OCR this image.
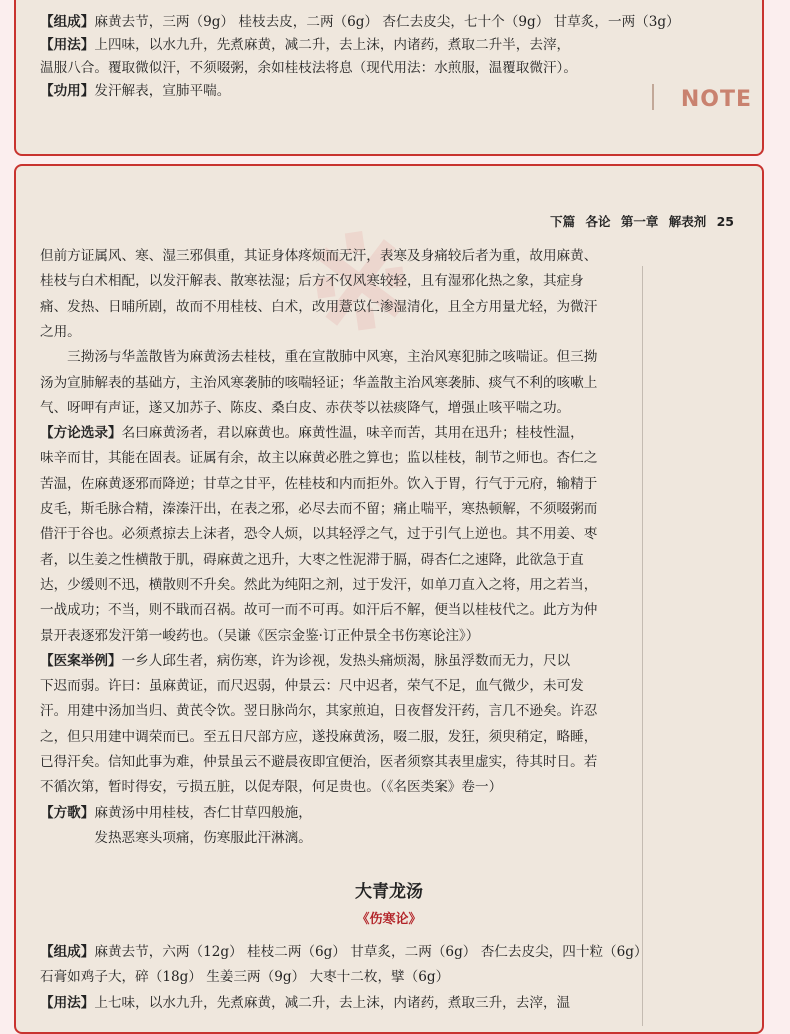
【组成】麻黄去节，三两（9g） 桂枝去皮，二两（6g） 杏仁去皮尖，七十个（9g） 甘草炙，一两（3g）
【用法】上四味，以水九升，先煮麻黄，减二升，去上沫，内诸药，煮取二升半，去滓，
温服八合。覆取微似汗，不须啜粥，余如桂枝法将息（现代用法：水煎服，温覆取微汗）。
【功用】发汗解表，宣肺平喘。	NOTE
※	下篇 各论 第一章 解表剂 25
但前方证属风、寒、湿三邪俱重，其证身体疼烦而无汗，表寒及身痛较后者为重，故用麻黄、
桂枝与白术相配，以发汗解表、散寒祛湿；后方不仅风寒较轻，且有湿邪化热之象，其症身
痛、发热、日晡所剧，故而不用桂枝、白术，改用薏苡仁渗湿清化，且全方用量尤轻，为微汗
之用。
　　三拗汤与华盖散皆为麻黄汤去桂枝，重在宣散肺中风寒，主治风寒犯肺之咳喘证。但三拗
汤为宣肺解表的基础方，主治风寒袭肺的咳喘轻证；华盖散主治风寒袭肺、痰气不利的咳嗽上
气、呀呷有声证，遂又加苏子、陈皮、桑白皮、赤茯苓以祛痰降气，增强止咳平喘之功。
【方论选录】名曰麻黄汤者，君以麻黄也。麻黄性温，味辛而苦，其用在迅升；桂枝性温，
味辛而甘，其能在固表。证属有余，故主以麻黄必胜之算也；监以桂枝，制节之师也。杏仁之
苦温，佐麻黄逐邪而降逆；甘草之甘平，佐桂枝和内而拒外。饮入于胃，行气于元府，输精于
皮毛，斯毛脉合精，溱溱汗出，在表之邪，必尽去而不留；痛止喘平，寒热顿解，不须啜粥而
借汗于谷也。必须煮掠去上沫者，恐令人烦，以其轻浮之气，过于引气上逆也。其不用姜、枣
者，以生姜之性横散于肌，碍麻黄之迅升，大枣之性泥滞于膈，碍杏仁之速降，此欲急于直
达，少缓则不迅，横散则不升矣。然此为纯阳之剂，过于发汗，如单刀直入之将，用之若当，
一战成功；不当，则不戢而召祸。故可一而不可再。如汗后不解，便当以桂枝代之。此方为仲
景开表逐邪发汗第一峻药也。（吴谦《医宗金鉴·订正仲景全书伤寒论注》）
【医案举例】一乡人邱生者，病伤寒，许为诊视，发热头痛烦渴，脉虽浮数而无力，尺以
下迟而弱。许曰：虽麻黄证，而尺迟弱，仲景云：尺中迟者，荣气不足，血气微少，未可发
汗。用建中汤加当归、黄芪令饮。翌日脉尚尔，其家煎迫，日夜督发汗药，言几不逊矣。许忍
之，但只用建中调荣而已。至五日尺部方应，遂投麻黄汤，啜二服，发狂，须臾稍定，略睡，
已得汗矣。信知此事为难，仲景虽云不避晨夜即宜便治，医者须察其表里虚实，待其时日。若
不循次第，暂时得安，亏损五脏，以促寿限，何足贵也。（《名医类案》卷一）
【方歌】麻黄汤中用桂枝，杏仁甘草四般施，
　　　　发热恶寒头项痛，伤寒服此汗淋漓。
大青龙汤
《伤寒论》
【组成】麻黄去节，六两（12g） 桂枝二两（6g） 甘草炙，二两（6g） 杏仁去皮尖，四十粒（6g）
石膏如鸡子大，碎（18g） 生姜三两（9g） 大枣十二枚，擘（6g）
【用法】上七味，以水九升，先煮麻黄，减二升，去上沫，内诸药，煮取三升，去滓，温
